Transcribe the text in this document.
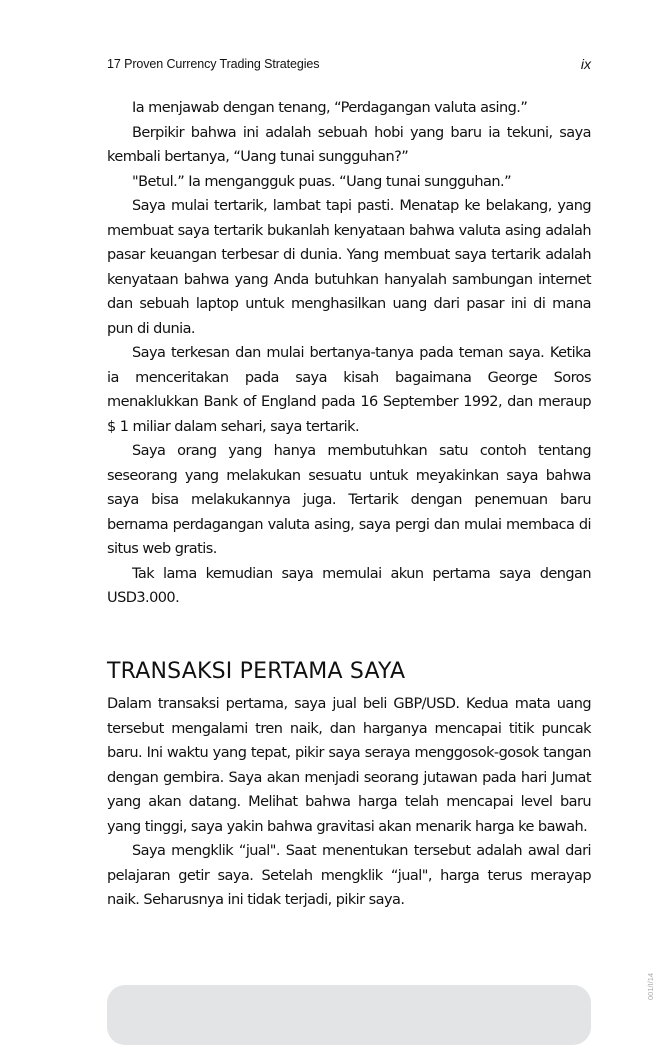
17 Proven Currency Trading Strategies	ix

Ia menjawab dengan tenang, “Perdagangan valuta asing.”

Berpikir bahwa ini adalah sebuah hobi yang baru ia tekuni, saya kembali bertanya, “Uang tunai sungguhan?”

"Betul.” Ia mengangguk puas. “Uang tunai sungguhan.”

Saya mulai tertarik, lambat tapi pasti. Menatap ke belakang, yang membuat saya tertarik bukanlah kenyataan bahwa valuta asing adalah pasar keuangan terbesar di dunia. Yang membuat saya tertarik adalah kenyataan bahwa yang Anda butuhkan hanyalah sambungan internet dan sebuah laptop untuk menghasilkan uang dari pasar ini di mana pun di dunia.

Saya terkesan dan mulai bertanya-tanya pada teman saya. Ketika ia menceritakan pada saya kisah bagaimana George Soros menaklukkan Bank of England pada 16 September 1992, dan meraup $ 1 miliar dalam sehari, saya tertarik.

Saya orang yang hanya membutuhkan satu contoh tentang seseorang yang melakukan sesuatu untuk meyakinkan saya bahwa saya bisa melakukannya juga. Tertarik dengan penemuan baru bernama perdagangan valuta asing, saya pergi dan mulai membaca di situs web gratis.

Tak lama kemudian saya memulai akun pertama saya dengan USD3.000.

TRANSAKSI PERTAMA SAYA

Dalam transaksi pertama, saya jual beli GBP/USD. Kedua mata uang tersebut mengalami tren naik, dan harganya mencapai titik puncak baru. Ini waktu yang tepat, pikir saya seraya menggosok-gosok tangan dengan gembira. Saya akan menjadi seorang jutawan pada hari Jumat yang akan datang. Melihat bahwa harga telah mencapai level baru yang tinggi, saya yakin bahwa gravitasi akan menarik harga ke bawah.

Saya mengklik “jual". Saat menentukan tersebut adalah awal dari pelajaran getir saya. Setelah mengklik “jual", harga terus merayap naik. Seharusnya ini tidak terjadi, pikir saya.

001/I/14
